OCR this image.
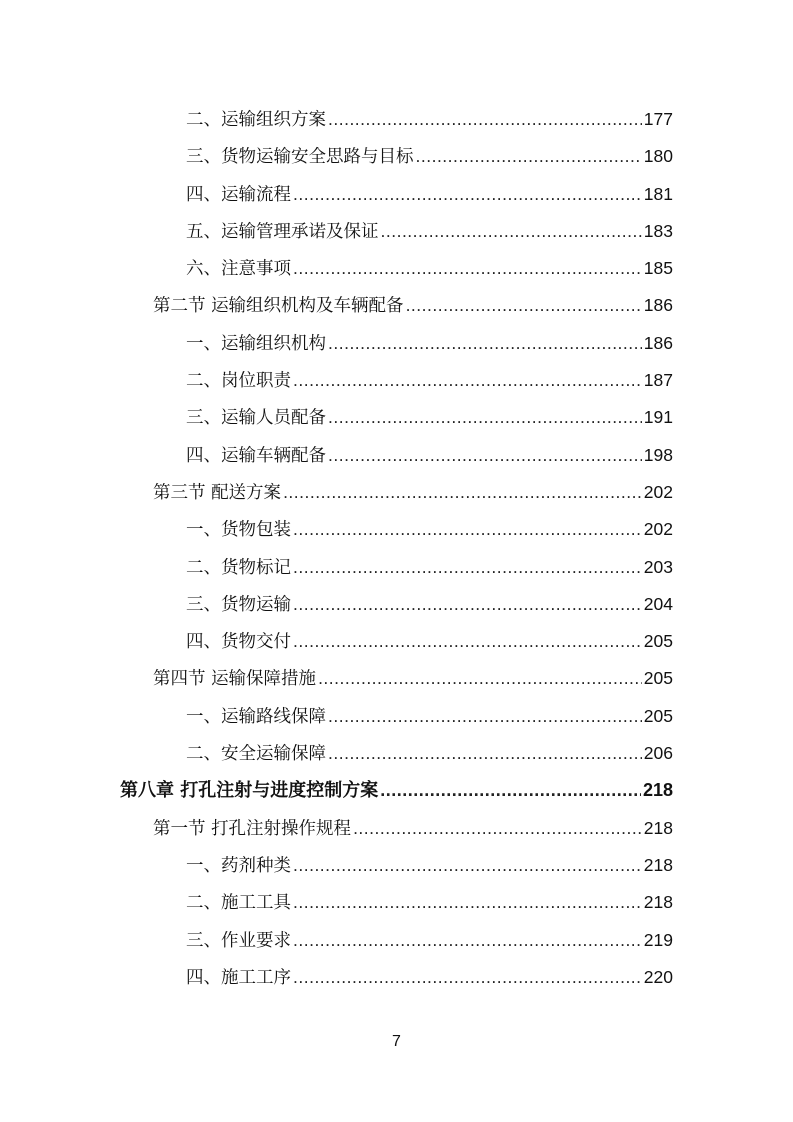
二、运输组织方案 .....	177
三、货物运输安全思路与目标 .....	180
四、运输流程 .....	181
五、运输管理承诺及保证 .....	183
六、注意事项 .....	185
第二节 运输组织机构及车辆配备 .....	186
一、运输组织机构 .....	186
二、岗位职责 .....	187
三、运输人员配备 .....	191
四、运输车辆配备 .....	198
第三节 配送方案 .....	202
一、货物包装 .....	202
二、货物标记 .....	203
三、货物运输 .....	204
四、货物交付 .....	205
第四节 运输保障措施 .....	205
一、运输路线保障 .....	205
二、安全运输保障 .....	206
第八章 打孔注射与进度控制方案 .....	218
第一节 打孔注射操作规程 .....	218
一、药剂种类 .....	218
二、施工工具 .....	218
三、作业要求 .....	219
四、施工工序 .....	220
7
